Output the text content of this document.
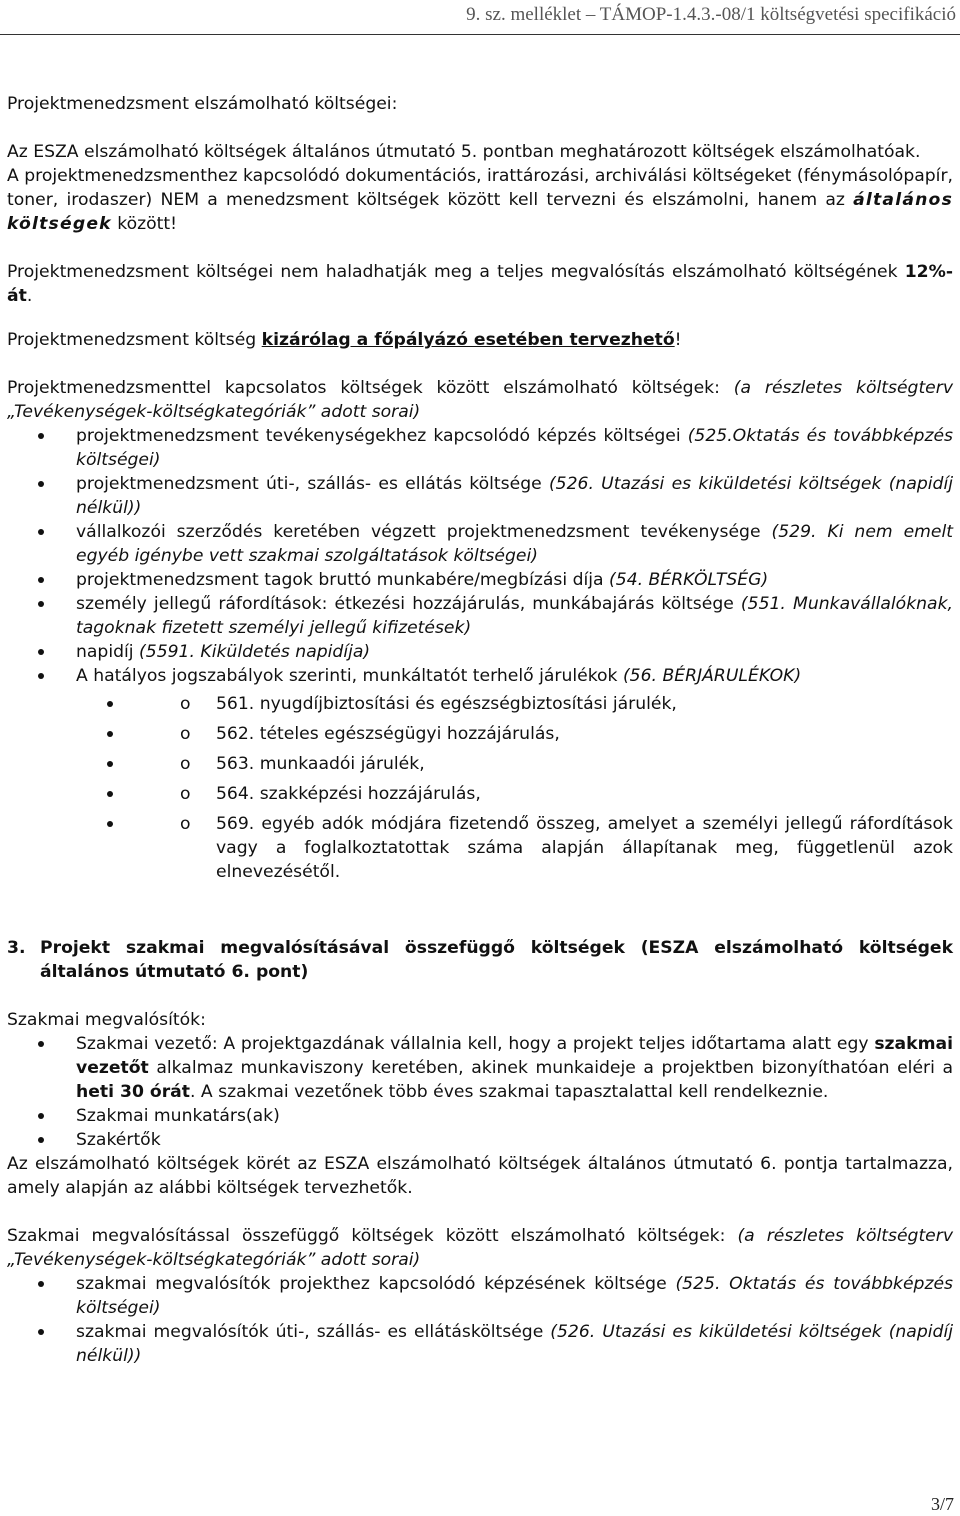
9. sz. melléklet – TÁMOP-1.4.3.-08/1 költségvetési specifikáció

Projektmenedzsment elszámolható költségei:

Az ESZA elszámolható költségek általános útmutató 5. pontban meghatározott költségek elszámolhatóak.

A projektmenedzsmenthez kapcsolódó dokumentációs, irattározási, archiválási költségeket (fénymásolópapír, toner, irodaszer) NEM a menedzsment költségek között kell tervezni és elszámolni, hanem az általános költségek között!

Projektmenedzsment költségei nem haladhatják meg a teljes megvalósítás elszámolható költségének 12%-át.

Projektmenedzsment költség kizárólag a főpályázó esetében tervezhető!

Projektmenedzsmenttel kapcsolatos költségek között elszámolható költségek: (a részletes költségterv „Tevékenységek-költségkategóriák” adott sorai)

projektmenedzsment tevékenységekhez kapcsolódó képzés költségei (525.Oktatás és továbbképzés költségei)
projektmenedzsment úti-, szállás- es ellátás költsége (526. Utazási es kiküldetési költségek (napidíj nélkül))
vállalkozói szerződés keretében végzett projektmenedzsment tevékenysége (529. Ki nem emelt egyéb igénybe vett szakmai szolgáltatások költségei)
projektmenedzsment tagok bruttó munkabére/megbízási díja (54. BÉRKÖLTSÉG)
személy jellegű ráfordítások: étkezési hozzájárulás, munkábajárás költsége (551. Munkavállalóknak, tagoknak fizetett személyi jellegű kifizetések)
napidíj (5591. Kiküldetés napidíja)
A hatályos jogszabályok szerinti, munkáltatót terhelő járulékok (56. BÉRJÁRULÉKOK)
o 561. nyugdíjbiztosítási és egészségbiztosítási járulék,
o 562. tételes egészségügyi hozzájárulás,
o 563. munkaadói járulék,
o 564. szakképzési hozzájárulás,
o 569. egyéb adók módjára fizetendő összeg, amelyet a személyi jellegű ráfordítások vagy a foglalkoztatottak száma alapján állapítanak meg, függetlenül azok elnevezésétől.

3. Projekt szakmai megvalósításával összefüggő költségek (ESZA elszámolható költségek általános útmutató 6. pont)

Szakmai megvalósítók:

Szakmai vezető: A projektgazdának vállalnia kell, hogy a projekt teljes időtartama alatt egy szakmai vezetőt alkalmaz munkaviszony keretében, akinek munkaideje a projektben bizonyíthatóan eléri a heti 30 órát. A szakmai vezetőnek több éves szakmai tapasztalattal kell rendelkeznie.
Szakmai munkatárs(ak)
Szakértők

Az elszámolható költségek körét az ESZA elszámolható költségek általános útmutató 6. pontja tartalmazza, amely alapján az alábbi költségek tervezhetők.

Szakmai megvalósítással összefüggő költségek között elszámolható költségek: (a részletes költségterv „Tevékenységek-költségkategóriák” adott sorai)

szakmai megvalósítók projekthez kapcsolódó képzésének költsége (525. Oktatás és továbbképzés költségei)
szakmai megvalósítók úti-, szállás- es ellátásköltsége (526. Utazási es kiküldetési költségek (napidíj nélkül))
3/7
